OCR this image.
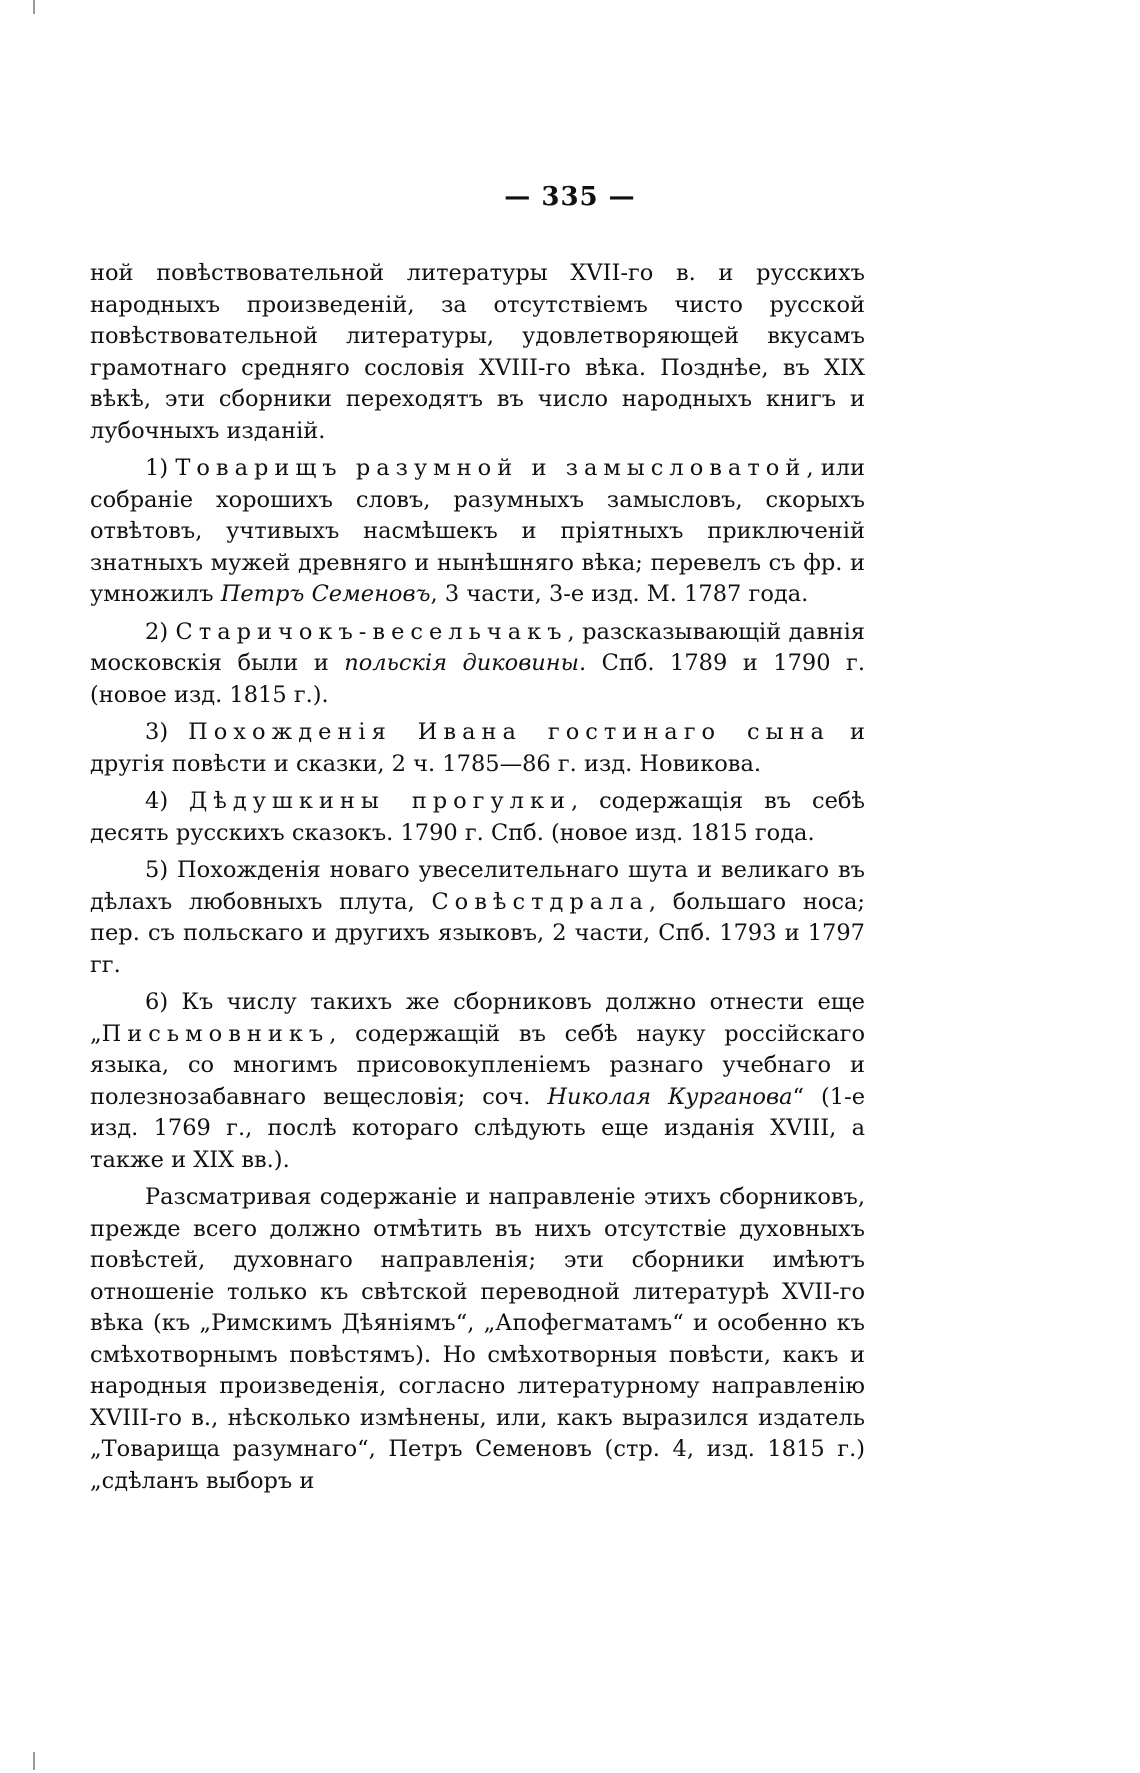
— 335 —

ной повѣствовательной литературы XVII-го в. и русскихъ народныхъ произведеній, за отсутствіемъ чисто русской повѣствовательной литературы, удовлетворяющей вкусамъ грамотнаго средняго сословія XVIII-го вѣка. Позднѣе, въ XIX вѣкѣ, эти сборники переходятъ въ число народныхъ книгъ и лубочныхъ изданій.

1) Товарищъ разумной и замысловатой, или собраніе хорошихъ словъ, разумныхъ замысловъ, скорыхъ отвѣтовъ, учтивыхъ насмѣшекъ и пріятныхъ приключеній знатныхъ мужей древняго и нынѣшняго вѣка; перевелъ съ фр. и умножилъ Петръ Семеновъ, 3 части, 3-е изд. М. 1787 года.

2) Старичокъ-весельчакъ, разсказывающій давнія московскія были и польскія диковины. Спб. 1789 и 1790 г. (новое изд. 1815 г.).

3) Похожденія Ивана гостинаго сына и другія повѣсти и сказки, 2 ч. 1785—86 г. изд. Новикова.

4) Дѣдушкины прогулки, содержащія въ себѣ десять русскихъ сказокъ. 1790 г. Спб. (новое изд. 1815 года.

5) Похожденія новаго увеселительнаго шута и великаго въ дѣлахъ любовныхъ плута, Совѣстдрала, большаго носа; пер. съ польскаго и другихъ языковъ, 2 части, Спб. 1793 и 1797 гг.

6) Къ числу такихъ же сборниковъ должно отнести еще „Письмовникъ, содержащій въ себѣ науку россійскаго языка, со многимъ присовокупленіемъ разнаго учебнаго и полезнозабавнаго вещесловія; соч. Николая Курганова“ (1-е изд. 1769 г., послѣ котораго слѣдують еще изданія XVIII, а также и XIX вв.).

Разсматривая содержаніе и направленіе этихъ сборниковъ, прежде всего должно отмѣтить въ нихъ отсутствіе духовныхъ повѣстей, духовнаго направленія; эти сборники имѣютъ отношеніе только къ свѣтской переводной литературѣ XVII-го вѣка (къ „Римскимъ Дѣяніямъ“, „Апофегматамъ“ и особенно къ смѣхотворнымъ повѣстямъ). Но смѣхотворныя повѣсти, какъ и народныя произведенія, согласно литературному направленію XVIII-го в., нѣсколько измѣнены, или, какъ выразился издатель „Товарища разумнаго“, Петръ Семеновъ (стр. 4, изд. 1815 г.) „сдѣланъ выборъ и
